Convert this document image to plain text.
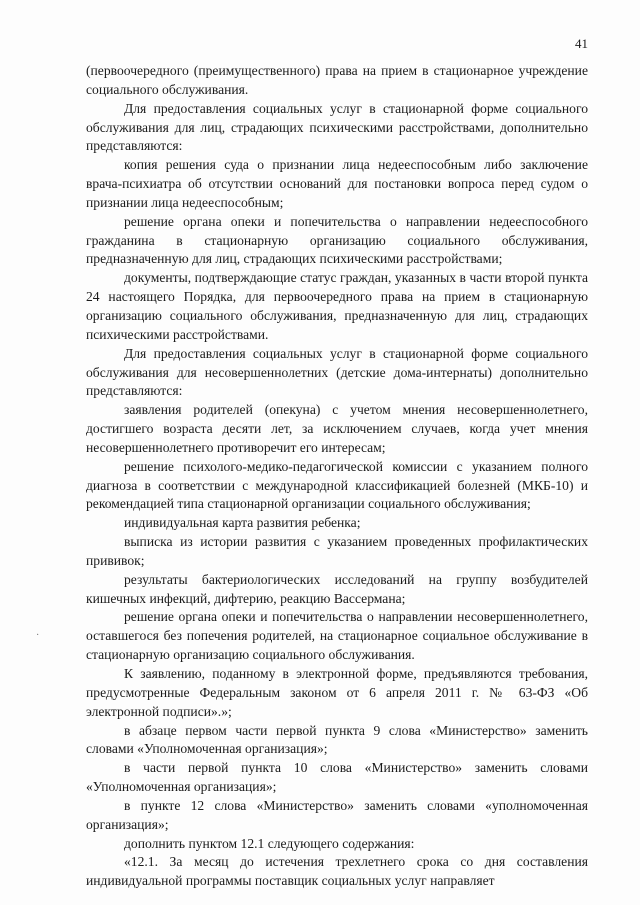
41

(первоочередного (преимущественного) права на прием в стационарное учреждение социального обслуживания.

Для предоставления социальных услуг в стационарной форме социального обслуживания для лиц, страдающих психическими расстройствами, дополнительно представляются:

копия решения суда о признании лица недееспособным либо заключение врача-психиатра об отсутствии оснований для постановки вопроса перед судом о признании лица недееспособным;

решение органа опеки и попечительства о направлении недееспособного гражданина в стационарную организацию социального обслуживания, предназначенную для лиц, страдающих психическими расстройствами;

документы, подтверждающие статус граждан, указанных в части второй пункта 24 настоящего Порядка, для первоочередного права на прием в стационарную организацию социального обслуживания, предназначенную для лиц, страдающих психическими расстройствами.

Для предоставления социальных услуг в стационарной форме социального обслуживания для несовершеннолетних (детские дома-интернаты) дополнительно представляются:

заявления родителей (опекуна) с учетом мнения несовершеннолетнего, достигшего возраста десяти лет, за исключением случаев, когда учет мнения несовершеннолетнего противоречит его интересам;

решение психолого-медико-педагогической комиссии с указанием полного диагноза в соответствии с международной классификацией болезней (МКБ-10) и рекомендацией типа стационарной организации социального обслуживания;

индивидуальная карта развития ребенка;

выписка из истории развития с указанием проведенных профилактических прививок;

результаты бактериологических исследований на группу возбудителей кишечных инфекций, дифтерию, реакцию Вассермана;

решение органа опеки и попечительства о направлении несовершеннолетнего, оставшегося без попечения родителей, на стационарное социальное обслуживание в стационарную организацию социального обслуживания.

К заявлению, поданному в электронной форме, предъявляются требования, предусмотренные Федеральным законом от 6 апреля 2011 г. № 63-ФЗ «Об электронной подписи».»;

в абзаце первом части первой пункта 9 слова «Министерство» заменить словами «Уполномоченная организация»;

в части первой пункта 10 слова «Министерство» заменить словами «Уполномоченная организация»;

в пункте 12 слова «Министерство» заменить словами «уполномоченная организация»;

дополнить пунктом 12.1 следующего содержания:

«12.1. За месяц до истечения трехлетнего срока со дня составления индивидуальной программы поставщик социальных услуг направляет

·
